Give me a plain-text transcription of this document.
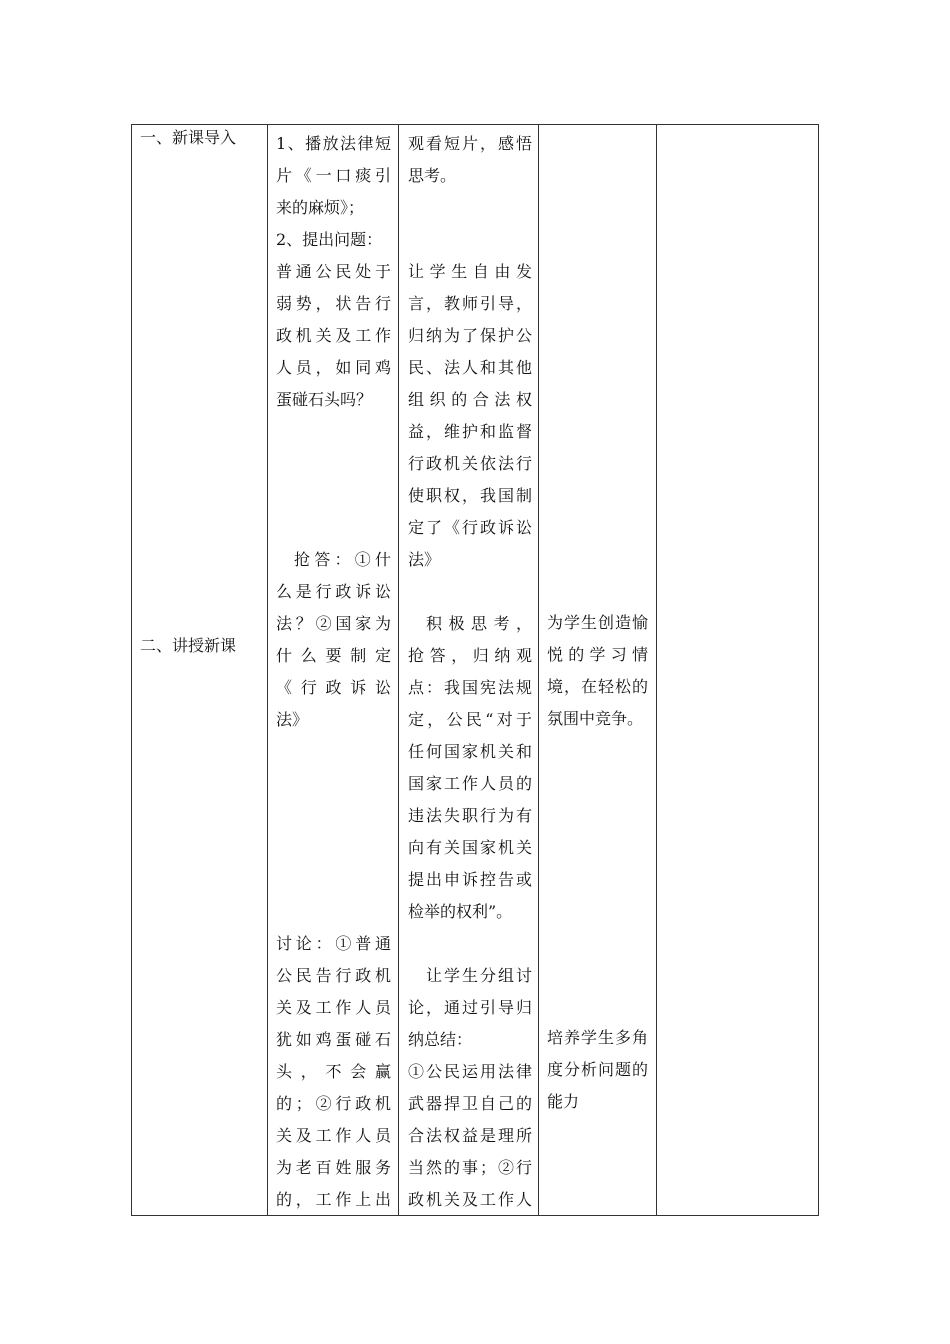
一、新课导入
二、讲授新课
1、播放法律短
片《一口痰引
来的麻烦》；
2、提出问题：
普通公民处于
弱势，状告行
政机关及工作
人员，如同鸡
蛋碰石头吗？
抢答：①什
么是行政诉讼
法？②国家为
什么要制定
《行政诉讼
法》
讨论：①普通
公民告行政机
关及工作人员
犹如鸡蛋碰石
头，不会赢
的；②行政机
关及工作人员
为老百姓服务
的，工作上出
观看短片，感悟
思考。
让学生自由发
言，教师引导，
归纳为了保护公
民、法人和其他
组织的合法权
益，维护和监督
行政机关依法行
使职权，我国制
定了《行政诉讼
法》
积极思考，
抢答，归纳观
点：我国宪法规
定，公民“对于
任何国家机关和
国家工作人员的
违法失职行为有
向有关国家机关
提出申诉控告或
检举的权利”。
让学生分组讨
论，通过引导归
纳总结：
①公民运用法律
武器捍卫自己的
合法权益是理所
当然的事；②行
政机关及工作人
为学生创造愉
悦的学习情
境，在轻松的
氛围中竞争。
培养学生多角
度分析问题的
能力
